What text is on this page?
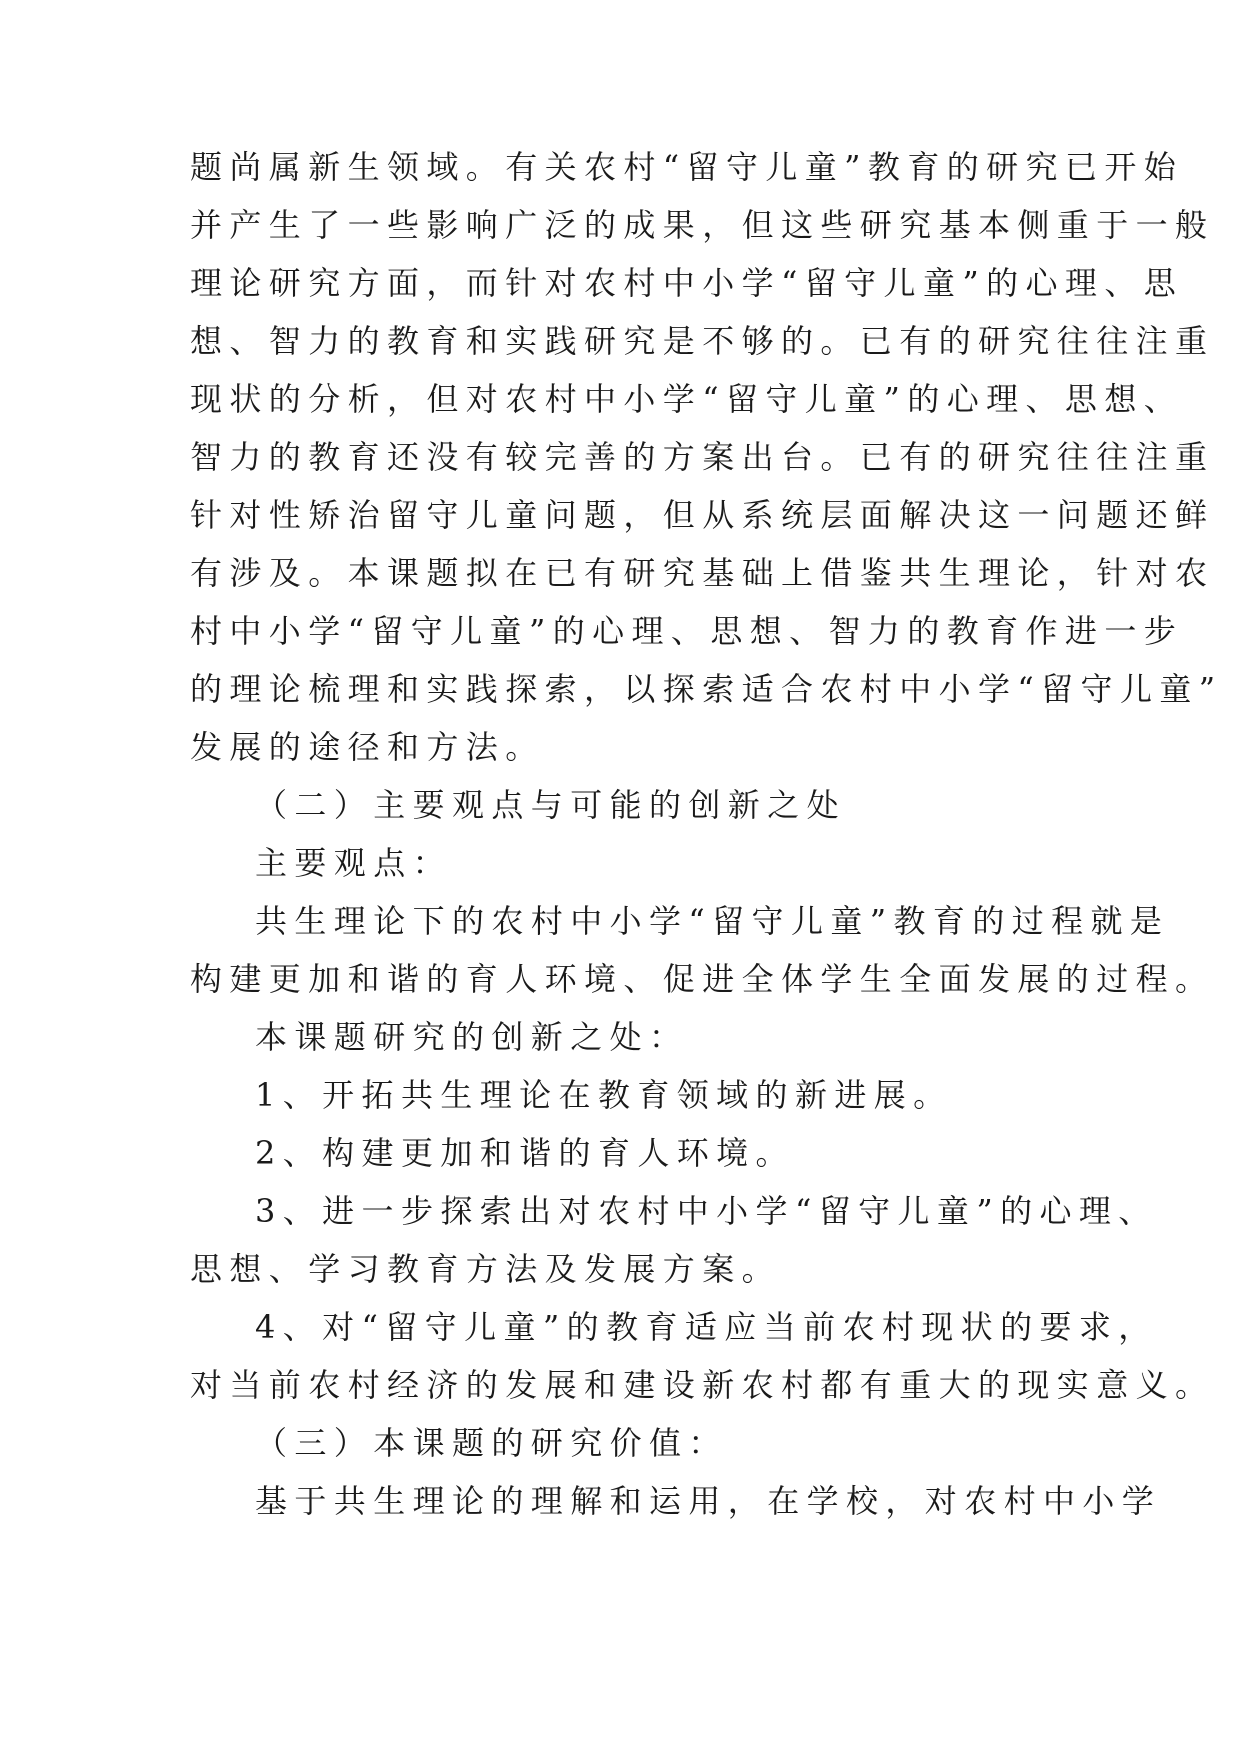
题尚属新生领域。有关农村“留守儿童”教育的研究已开始
并产生了一些影响广泛的成果，但这些研究基本侧重于一般
理论研究方面，而针对农村中小学“留守儿童”的心理、思
想、智力的教育和实践研究是不够的。已有的研究往往注重
现状的分析，但对农村中小学“留守儿童”的心理、思想、
智力的教育还没有较完善的方案出台。已有的研究往往注重
针对性矫治留守儿童问题，但从系统层面解决这一问题还鲜
有涉及。本课题拟在已有研究基础上借鉴共生理论，针对农
村中小学“留守儿童”的心理、思想、智力的教育作进一步
的理论梳理和实践探索，以探索适合农村中小学“留守儿童”
发展的途径和方法。
（二）主要观点与可能的创新之处
主要观点：
共生理论下的农村中小学“留守儿童”教育的过程就是
构建更加和谐的育人环境、促进全体学生全面发展的过程。
本课题研究的创新之处：
1、开拓共生理论在教育领域的新进展。
2、构建更加和谐的育人环境。
3、进一步探索出对农村中小学“留守儿童”的心理、
思想、学习教育方法及发展方案。
4、对“留守儿童”的教育适应当前农村现状的要求，
对当前农村经济的发展和建设新农村都有重大的现实意义。
（三）本课题的研究价值：
基于共生理论的理解和运用，在学校，对农村中小学
